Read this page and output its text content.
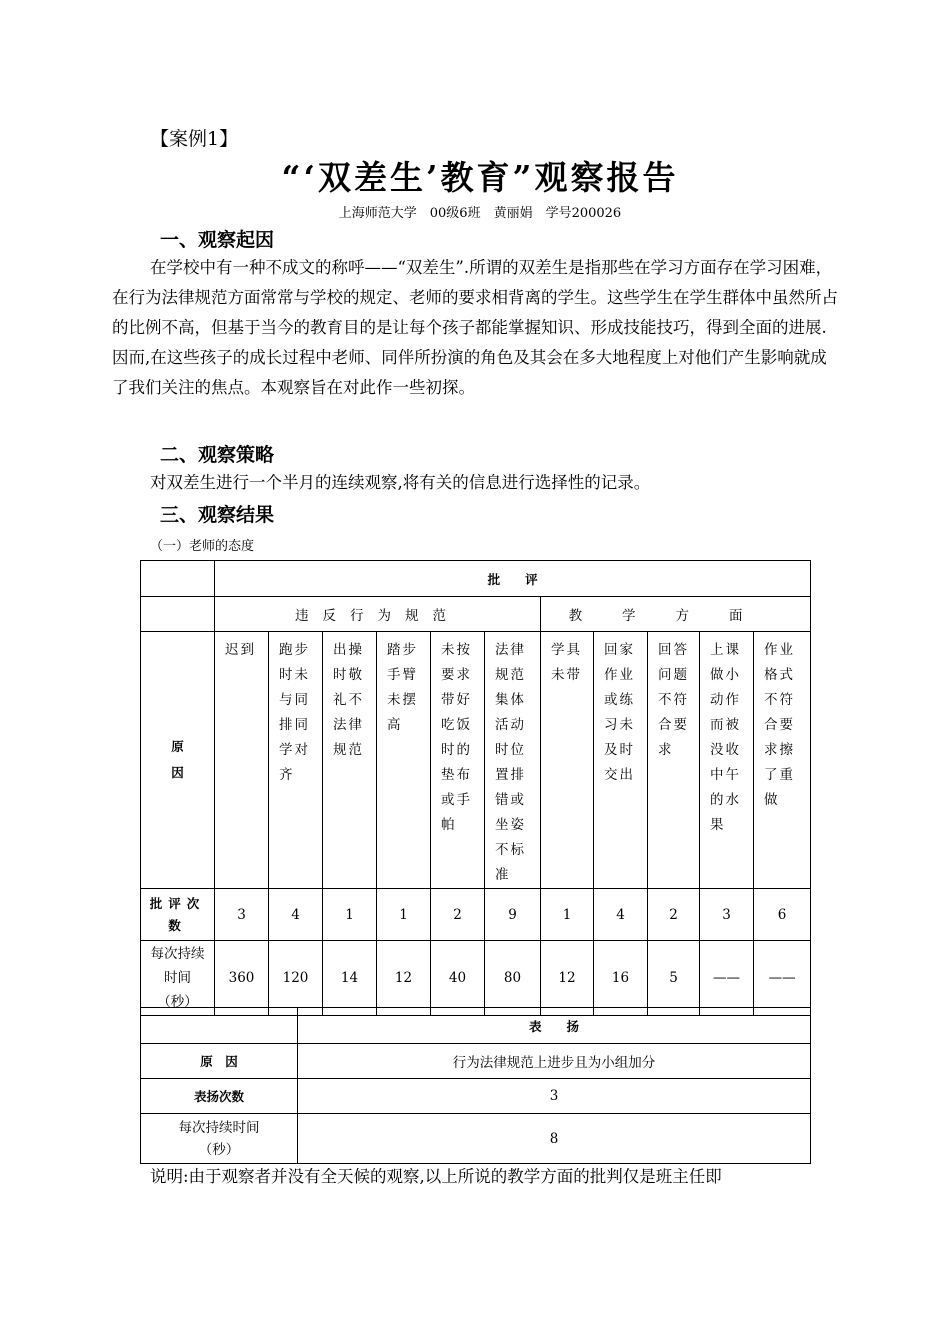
【案例1】
“‘双差生’教育”观察报告
上海师范大学　00级6班　黄丽娟　学号200026
一、观察起因

在学校中有一种不成文的称呼——“双差生”.所谓的双差生是指那些在学习方面存在学习困难，在行为法律规范方面常常与学校的规定、老师的要求相背离的学生。这些学生在学生群体中虽然所占的比例不高，但基于当今的教育目的是让每个孩子都能掌握知识、形成技能技巧，得到全面的进展.因而,在这些孩子的成长过程中老师、同伴所扮演的角色及其会在多大地程度上对他们产生影响就成了我们关注的焦点。本观察旨在对此作一些初探。

二、观察策略

对双差生进行一个半月的连续观察,将有关的信息进行选择性的记录。

三、观察结果
（一）老师的态度
	批　　评										
	违反行为规范						教学方面				
原
因	迟到	跑步时未与同排同学对齐	出操时敬礼不法律规范	踏步手臂未摆高	未按要求带好吃饭时的垫布或手帕	法律规范集体活动时位置排错或坐姿不标准	学具未带	回家作业或练习未及时交出	回答问题不符合要求	上课做小动作而被没收中午的水果	作业格式不符合要求擦了重做
批评次数	3	4	1	1	2	9	1	4	2	3	6

每次持续时间
（秒）	360	120	14	12	40	80	12	16	5	——	——
	表　　扬
原　因	行为法律规范上进步且为小组加分
表扬次数	3

每次持续时间
（秒）	8
说明:由于观察者并没有全天候的观察,以上所说的教学方面的批判仅是班主任即
